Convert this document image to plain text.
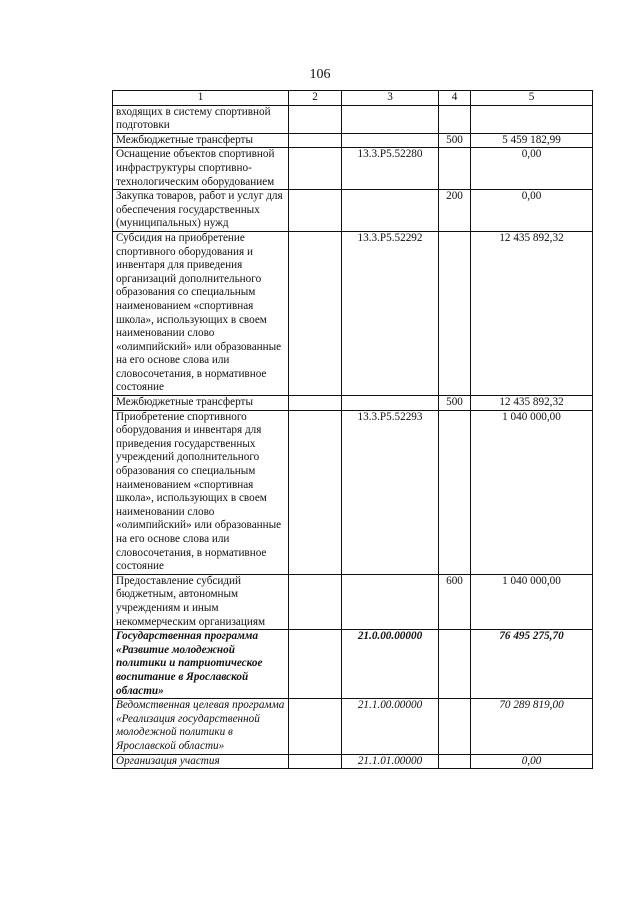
106
1	2	3	4	5
входящих в систему спортивной подготовки				
Межбюджетные трансферты			500	5 459 182,99
Оснащение объектов спортивной инфраструктуры спортивно-технологическим оборудованием		13.3.Р5.52280		0,00
Закупка товаров, работ и услуг для обеспечения государственных (муниципальных) нужд			200	0,00
Субсидия на приобретение спортивного оборудования и инвентаря для приведения организаций дополнительного образования со специальным наименованием «спортивная школа», использующих в своем наименовании слово «олимпийский» или образованные на его основе слова или словосочетания, в нормативное состояние		13.3.Р5.52292		12 435 892,32
Межбюджетные трансферты			500	12 435 892,32
Приобретение спортивного оборудования и инвентаря для приведения государственных учреждений дополнительного образования со специальным наименованием «спортивная школа», использующих в своем наименовании слово «олимпийский» или образованные на его основе слова или словосочетания, в нормативное состояние		13.3.Р5.52293		1 040 000,00
Предоставление субсидий бюджетным, автономным учреждениям и иным некоммерческим организациям			600	1 040 000,00
Государственная программа «Развитие молодежной политики и патриотическое воспитание в Ярославской области»		21.0.00.00000		76 495 275,70
Ведомственная целевая программа «Реализация государственной молодежной политики в Ярославской области»		21.1.00.00000		70 289 819,00
Организация участия		21.1.01.00000		0,00
